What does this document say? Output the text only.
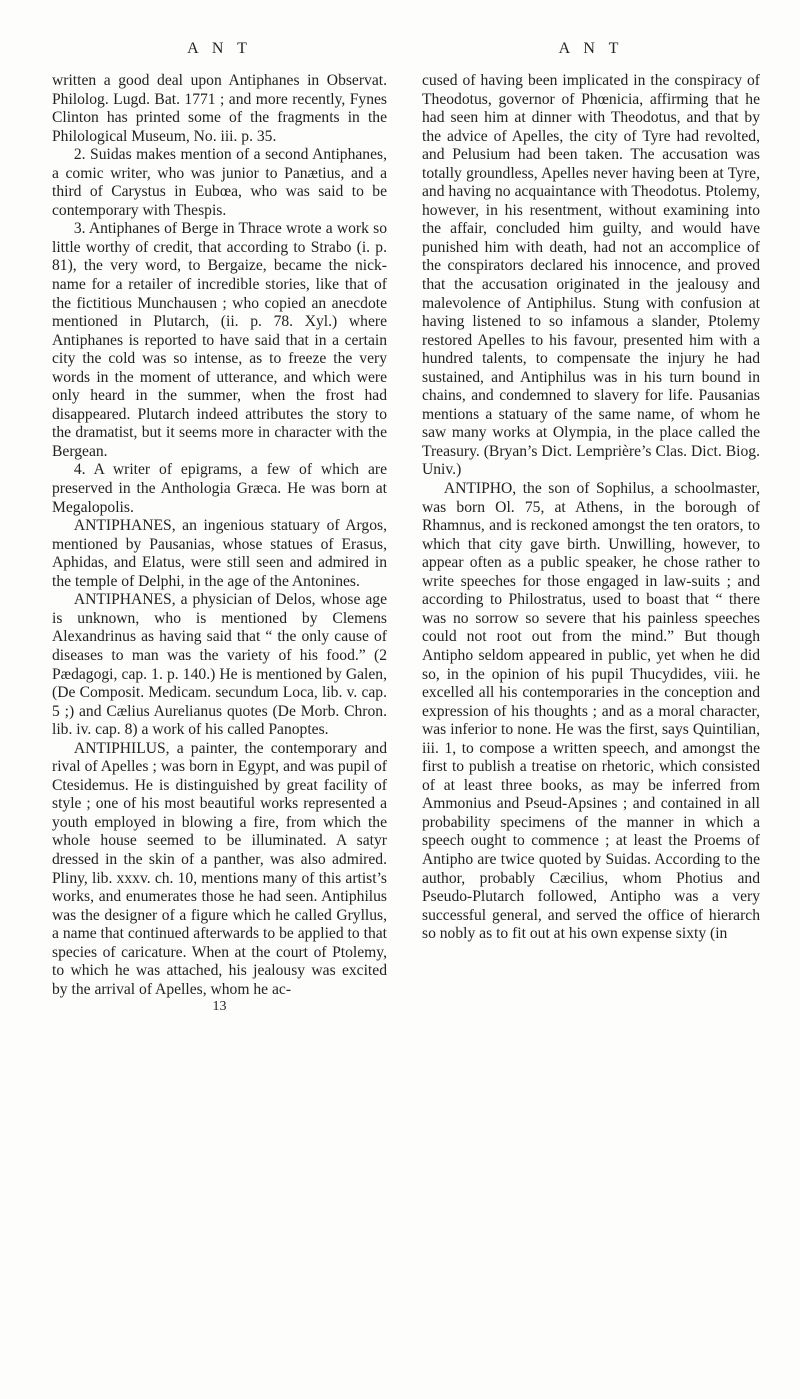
A N T

written a good deal upon Antiphanes in Observat. Philolog. Lugd. Bat. 1771 ; and more recently, Fynes Clinton has printed some of the fragments in the Philological Museum, No. iii. p. 35.

2. Suidas makes mention of a second Antiphanes, a comic writer, who was junior to Panætius, and a third of Carystus in Eubœa, who was said to be contemporary with Thespis.

3. Antiphanes of Berge in Thrace wrote a work so little worthy of credit, that according to Strabo (i. p. 81), the very word, to Bergaize, became the nick-name for a retailer of incredible stories, like that of the fictitious Munchausen ; who copied an anecdote mentioned in Plutarch, (ii. p. 78. Xyl.) where Antiphanes is reported to have said that in a certain city the cold was so intense, as to freeze the very words in the moment of utterance, and which were only heard in the summer, when the frost had disappeared. Plutarch indeed attributes the story to the dramatist, but it seems more in character with the Bergean.

4. A writer of epigrams, a few of which are preserved in the Anthologia Græca. He was born at Megalopolis.

ANTIPHANES, an ingenious statuary of Argos, mentioned by Pausanias, whose statues of Erasus, Aphidas, and Elatus, were still seen and admired in the temple of Delphi, in the age of the Antonines.

ANTIPHANES, a physician of Delos, whose age is unknown, who is mentioned by Clemens Alexandrinus as having said that “ the only cause of diseases to man was the variety of his food.” (2 Pædagogi, cap. 1. p. 140.) He is mentioned by Galen, (De Composit. Medicam. secundum Loca, lib. v. cap. 5 ;) and Cælius Aurelianus quotes (De Morb. Chron. lib. iv. cap. 8) a work of his called Panoptes.

ANTIPHILUS, a painter, the contemporary and rival of Apelles ; was born in Egypt, and was pupil of Ctesidemus. He is distinguished by great facility of style ; one of his most beautiful works represented a youth employed in blowing a fire, from which the whole house seemed to be illuminated. A satyr dressed in the skin of a panther, was also admired. Pliny, lib. xxxv. ch. 10, mentions many of this artist’s works, and enumerates those he had seen. Antiphilus was the designer of a figure which he called Gryllus, a name that continued afterwards to be applied to that species of caricature. When at the court of Ptolemy, to which he was attached, his jealousy was excited by the arrival of Apelles, whom he ac-

13
A N T

cused of having been implicated in the conspiracy of Theodotus, governor of Phœnicia, affirming that he had seen him at dinner with Theodotus, and that by the advice of Apelles, the city of Tyre had revolted, and Pelusium had been taken. The accusation was totally groundless, Apelles never having been at Tyre, and having no acquaintance with Theodotus. Ptolemy, however, in his resentment, without examining into the affair, concluded him guilty, and would have punished him with death, had not an accomplice of the conspirators declared his innocence, and proved that the accusation originated in the jealousy and malevolence of Antiphilus. Stung with confusion at having listened to so infamous a slander, Ptolemy restored Apelles to his favour, presented him with a hundred talents, to compensate the injury he had sustained, and Antiphilus was in his turn bound in chains, and condemned to slavery for life. Pausanias mentions a statuary of the same name, of whom he saw many works at Olympia, in the place called the Treasury. (Bryan’s Dict. Lemprière’s Clas. Dict. Biog. Univ.)

ANTIPHO, the son of Sophilus, a schoolmaster, was born Ol. 75, at Athens, in the borough of Rhamnus, and is reckoned amongst the ten orators, to which that city gave birth. Unwilling, however, to appear often as a public speaker, he chose rather to write speeches for those engaged in law-suits ; and according to Philostratus, used to boast that “ there was no sorrow so severe that his painless speeches could not root out from the mind.” But though Antipho seldom appeared in public, yet when he did so, in the opinion of his pupil Thucydides, viii. he excelled all his contemporaries in the conception and expression of his thoughts ; and as a moral character, was inferior to none. He was the first, says Quintilian, iii. 1, to compose a written speech, and amongst the first to publish a treatise on rhetoric, which consisted of at least three books, as may be inferred from Ammonius and Pseud-Apsines ; and contained in all probability specimens of the manner in which a speech ought to commence ; at least the Proems of Antipho are twice quoted by Suidas. According to the author, probably Cæcilius, whom Photius and Pseudo-Plutarch followed, Antipho was a very successful general, and served the office of hierarch so nobly as to fit out at his own expense sixty (in
